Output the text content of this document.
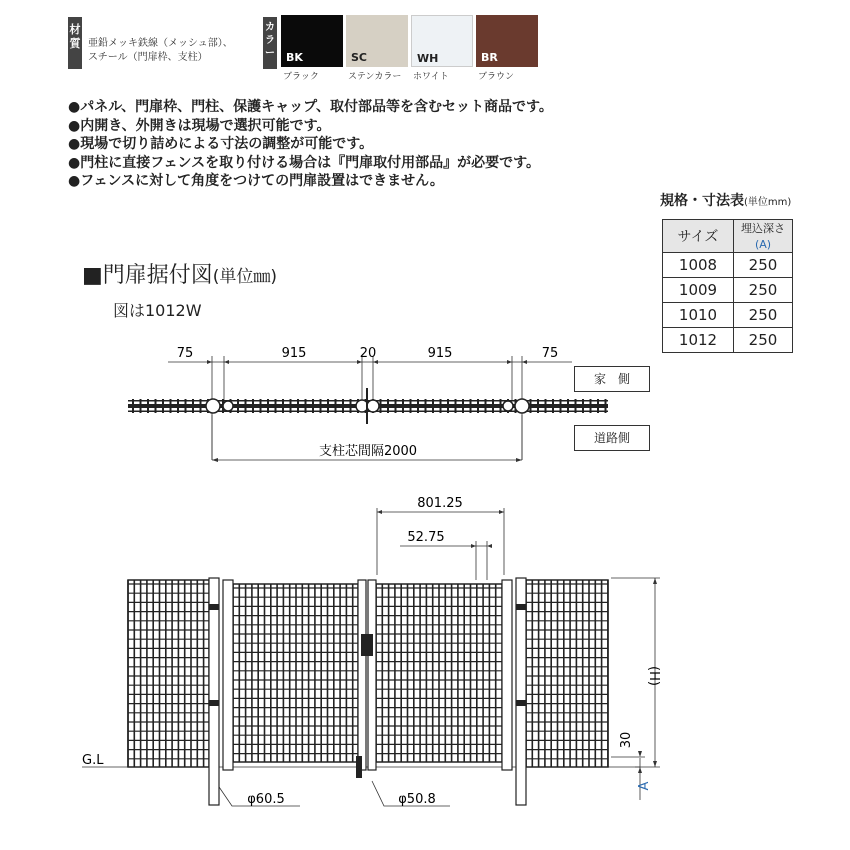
材質 亜鉛メッキ鉄線（メッシュ部）、
スチール（門扉枠、支柱）
カラー BK
ブラック
SC
ステンカラー
WH
ホワイト
BR
ブラウン
●パネル、門扉枠、門柱、保護キャップ、取付部品等を含むセット商品です。
●内開き、外開きは現場で選択可能です。
●現場で切り詰めによる寸法の調整が可能です。
●門柱に直接フェンスを取り付ける場合は『門扉取付用部品』が必要です。
●フェンスに対して角度をつけての門扉設置はできません。
規格・寸法表(単位mm)
サイズ	埋込深さ(A)
1008	250
1009	250
1010	250
1012	250
■門扉据付図(単位㎜)
図は1012W
家　側
道路側
75	915	20	915	75
支柱芯間隔2000
801.25
52.75
G.L
(H)
30
A
φ60.5	φ50.8
